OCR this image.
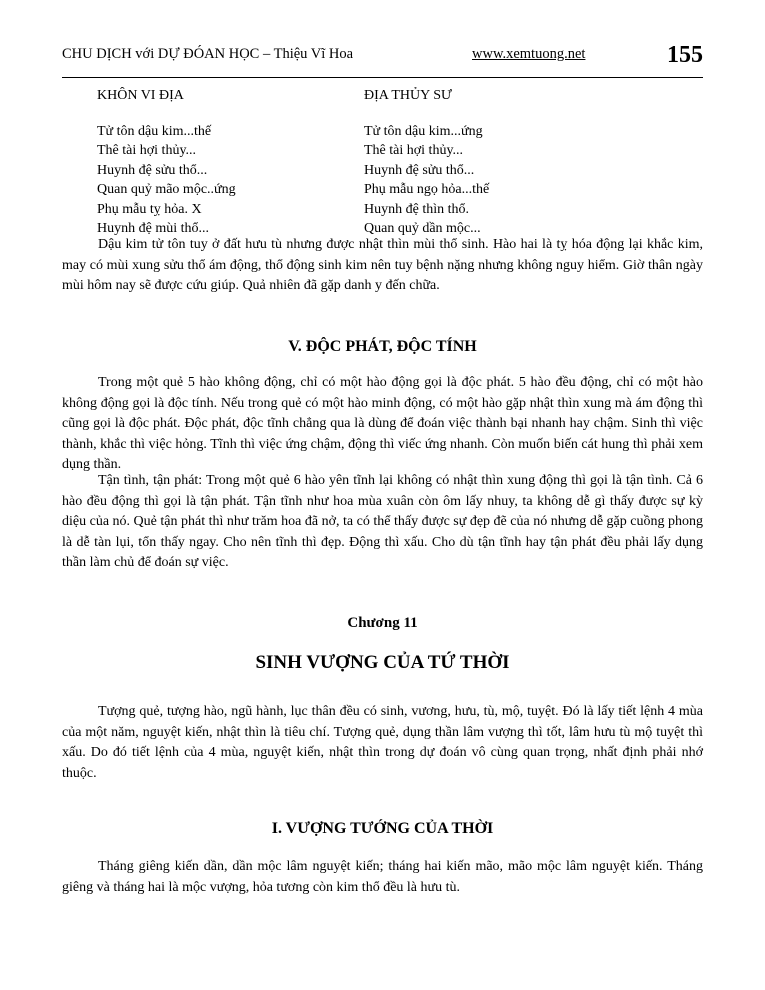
CHU DỊCH với DỰ ĐÓAN HỌC – Thiệu Vĩ Hoa	www.xemtuong.net	155
KHÔN VI ĐỊA
Tử tôn dậu kim...thế
Thê tài hợi thủy...
Huynh đệ sửu thổ...
Quan quỷ mão mộc..ứng
Phụ mẫu tỵ hỏa. X
Huynh đệ mùi thổ...
ĐỊA THỦY SƯ
Tử tôn dậu kim...ứng
Thê tài hợi thủy...
Huynh đệ sửu thổ...
Phụ mẫu ngọ hỏa...thế
Huynh đệ thìn thổ.
Quan quỷ dần mộc...

Dậu kim tử tôn tuy ở đất hưu tù nhưng được nhật thìn mùi thổ sinh. Hào hai là tỵ hóa động lại khắc kim, may có mùi xung sửu thổ ám động, thổ động sinh kim nên tuy bệnh nặng nhưng không nguy hiểm. Giờ thân ngày mùi hôm nay sẽ được cứu giúp. Quả nhiên đã gặp danh y đến chữa.

V. ĐỘC PHÁT, ĐỘC TÍNH

Trong một quẻ 5 hào không động, chỉ có một hào động gọi là độc phát. 5 hào đều động, chỉ có một hào không động gọi là độc tính. Nếu trong quẻ có một hào minh động, có một hào gặp nhật thìn xung mà ám động thì cũng gọi là độc phát. Độc phát, độc tĩnh chẳng qua là dùng để đoán việc thành bại nhanh hay chậm. Sinh thì việc thành, khắc thì việc hỏng. Tĩnh thì việc ứng chậm, động thì viếc ứng nhanh. Còn muốn biến cát hung thì phải xem dụng thần.

Tận tình, tận phát: Trong một quẻ 6 hào yên tĩnh lại không có nhật thìn xung động thì gọi là tận tình. Cả 6 hào đều động thì gọi là tận phát. Tận tĩnh như hoa mùa xuân còn ôm lấy nhuy, ta không dễ gì thấy được sự kỳ diệu của nó. Quẻ tận phát thì như trăm hoa đã nở, ta có thể thấy được sự đẹp đẽ của nó nhưng dễ gặp cuồng phong là dễ tàn lụi, tổn thấy ngay. Cho nên tĩnh thì đẹp. Động thì xấu. Cho dù tận tĩnh hay tận phát đều phải lấy dụng thần làm chủ để đoán sự việc.

Chương 11
SINH VƯỢNG CỦA TỨ THỜI

Tượng quẻ, tượng hào, ngũ hành, lục thân đều có sinh, vương, hưu, tù, mộ, tuyệt. Đó là lấy tiết lệnh 4 mùa của một năm, nguyệt kiến, nhật thìn là tiêu chí. Tượng quẻ, dụng thần lâm vượng thì tốt, lâm hưu tù mộ tuyệt thì xấu. Do đó tiết lệnh của 4 mùa, nguyệt kiến, nhật thìn trong dự đoán vô cùng quan trọng, nhất định phải nhớ thuộc.

I. VƯỢNG TƯỚNG CỦA THỜI

Tháng giêng kiến dần, dần mộc lâm nguyệt kiến; tháng hai kiến mão, mão mộc lâm nguyệt kiến. Tháng giêng và tháng hai là mộc vượng, hỏa tương còn kim thổ đều là hưu tù.
